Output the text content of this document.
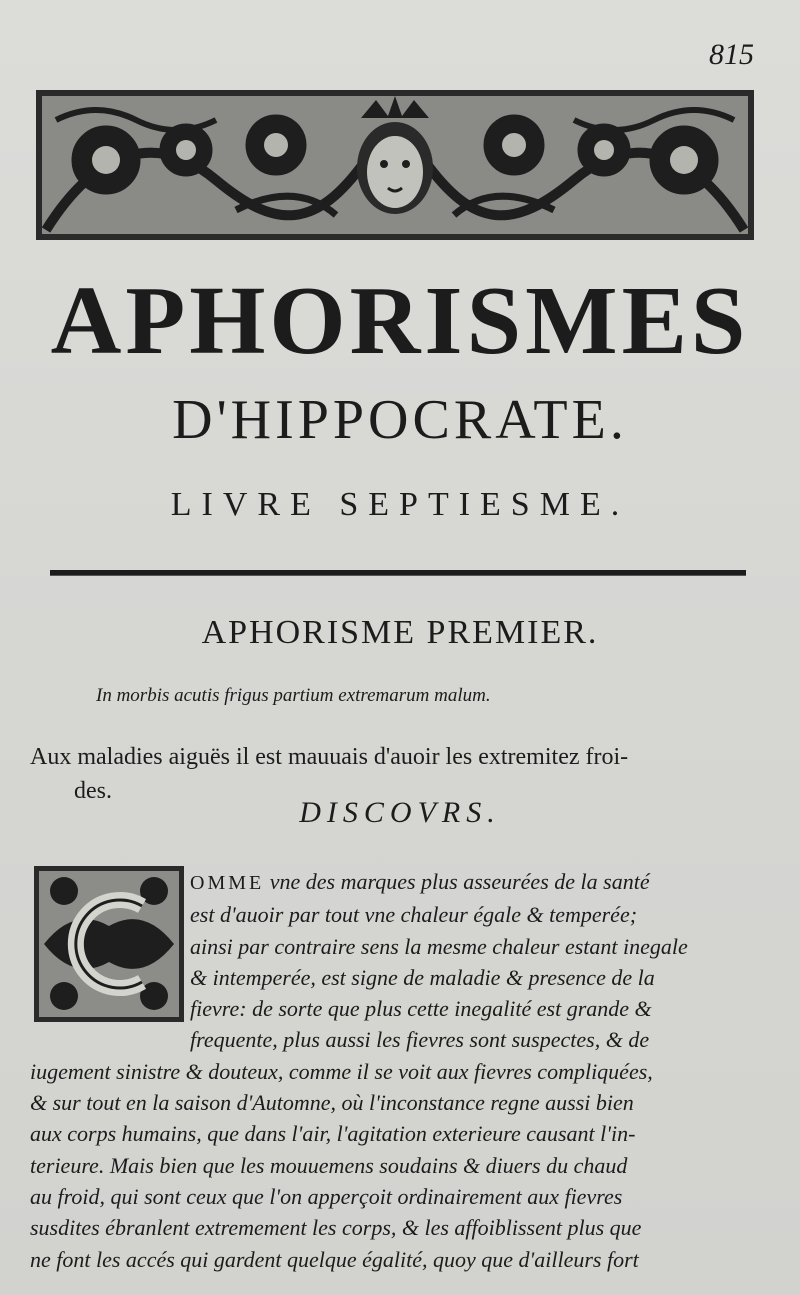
815
APHORISMES
D'HIPPOCRATE.
LIVRE SEPTIESME.
APHORISME PREMIER.
In morbis acutis frigus partium extremarum malum.
Aux maladies aiguës il est mauuais d'auoir les extremitez froi-
des.
DISCOVRS.
OMME vne des marques plus asseurées de la santé
est d'auoir par tout vne chaleur égale & temperée;
ainsi par contraire sens la mesme chaleur estant inegale
& intemperée, est signe de maladie & presence de la
fievre: de sorte que plus cette inegalité est grande &
frequente, plus aussi les fievres sont suspectes, & de
iugement sinistre & douteux, comme il se voit aux fievres compliquées,
& sur tout en la saison d'Automne, où l'inconstance regne aussi bien
aux corps humains, que dans l'air, l'agitation exterieure causant l'in-
terieure. Mais bien que les mouuemens soudains & diuers du chaud
au froid, qui sont ceux que l'on apperçoit ordinairement aux fievres
susdites ébranlent extremement les corps, & les affoiblissent plus que
ne font les accés qui gardent quelque égalité, quoy que d'ailleurs fort
